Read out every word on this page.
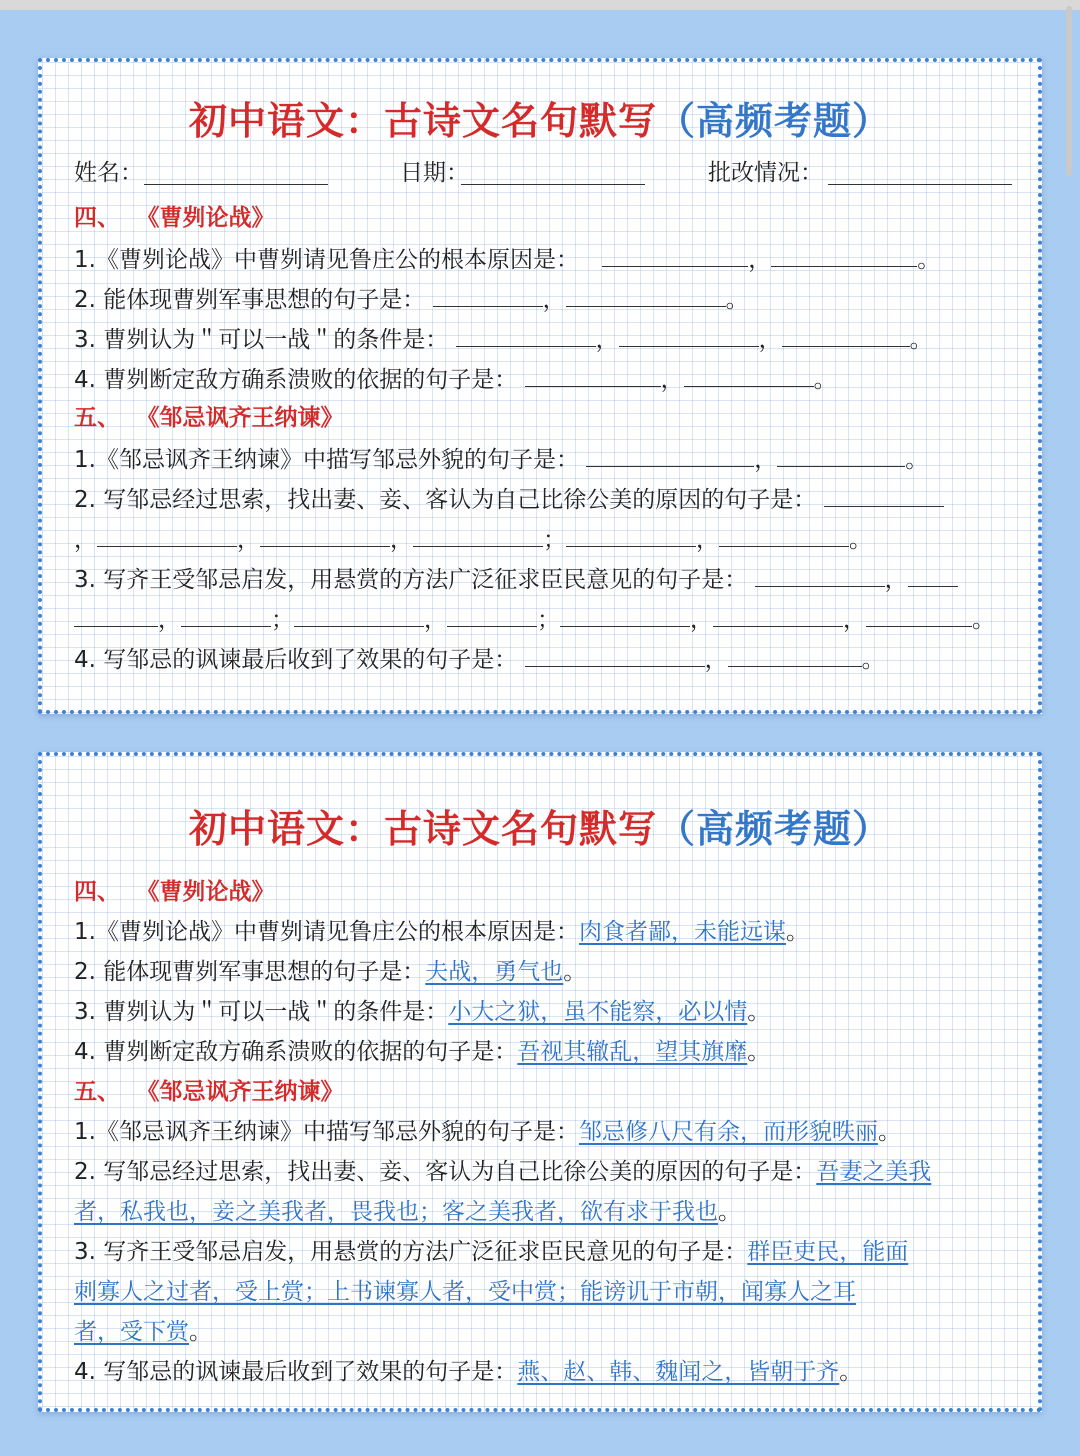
初中语文：古诗文名句默写（高频考题）
姓名：	日期：	批改情况：
四、 《曹刿论战》
1.《曹刿论战》中曹刿请见鲁庄公的根本原因是：	，	。
2. 能体现曹刿军事思想的句子是：	，	。
3. 曹刿认为＂可以一战＂的条件是：	，	，	。
4. 曹刿断定敌方确系溃败的依据的句子是：	，	。
五、 《邹忌讽齐王纳谏》
1.《邹忌讽齐王纳谏》中描写邹忌外貌的句子是：	，	。
2. 写邹忌经过思索，找出妻、妾、客认为自己比徐公美的原因的句子是：
，	，	，	；	，	。
3. 写齐王受邹忌启发，用悬赏的方法广泛征求臣民意见的句子是：	，
，	；	，	；	，	，	。
4. 写邹忌的讽谏最后收到了效果的句子是：	，	。
初中语文：古诗文名句默写（高频考题）
四、 《曹刿论战》
1.《曹刿论战》中曹刿请见鲁庄公的根本原因是：肉食者鄙，未能远谋。
2. 能体现曹刿军事思想的句子是：夫战，勇气也。
3. 曹刿认为＂可以一战＂的条件是：小大之狱，虽不能察，必以情。
4. 曹刿断定敌方确系溃败的依据的句子是：吾视其辙乱，望其旗靡。
五、 《邹忌讽齐王纳谏》
1.《邹忌讽齐王纳谏》中描写邹忌外貌的句子是：邹忌修八尺有余，而形貌昳丽。
2. 写邹忌经过思索，找出妻、妾、客认为自己比徐公美的原因的句子是：吾妻之美我
者，私我也，妾之美我者，畏我也；客之美我者，欲有求于我也。
3. 写齐王受邹忌启发，用悬赏的方法广泛征求臣民意见的句子是：群臣吏民，能面
刺寡人之过者，受上赏；上书谏寡人者，受中赏；能谤讥于市朝，闻寡人之耳
者，受下赏。
4. 写邹忌的讽谏最后收到了效果的句子是：燕、赵、韩、魏闻之，皆朝于齐。
